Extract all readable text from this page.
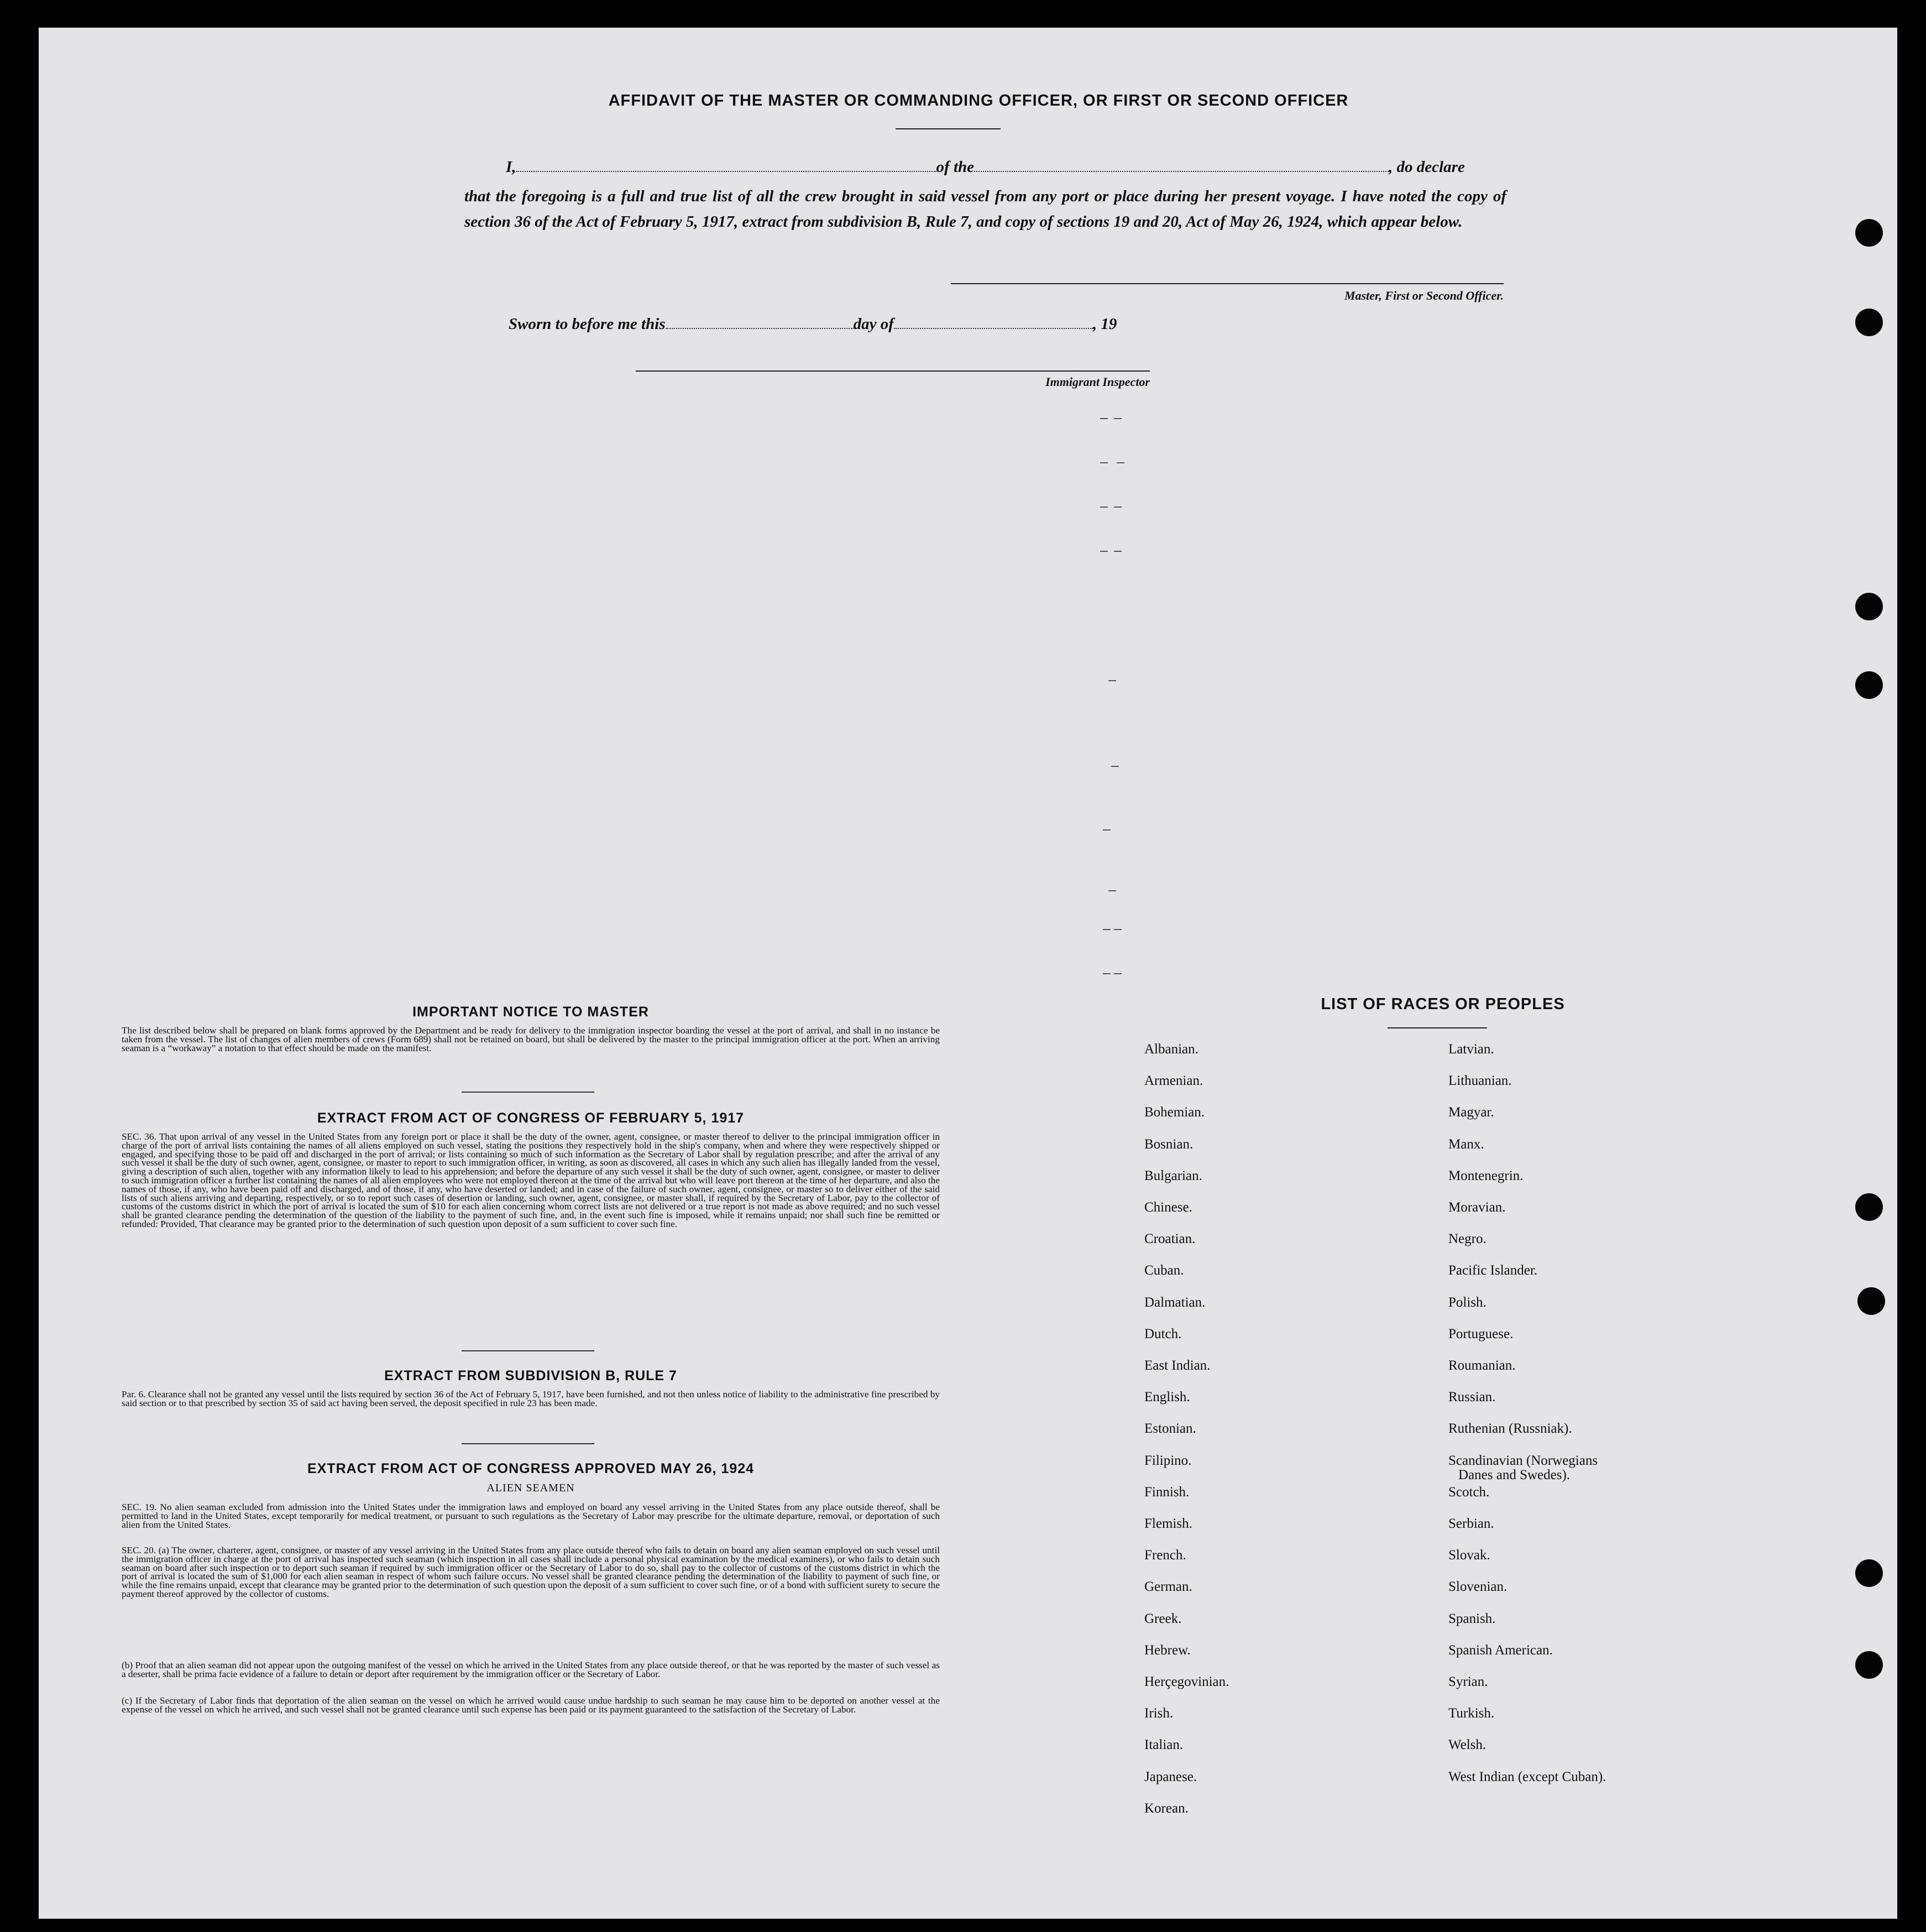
AFFIDAVIT OF THE MASTER OR COMMANDING OFFICER, OR FIRST OR SECOND OFFICER
I,	of the	, do declare

that the foregoing is a full and true list of all the crew brought in said vessel from any port or place during her present voyage. I have noted the copy of section 36 of the Act of February 5, 1917, extract from subdivision B, Rule 7, and copy of sections 19 and 20, Act of May 26, 1924, which appear below.

Master, First or Second Officer.
Sworn to before me this	day of	, 19
Immigrant Inspector
IMPORTANT NOTICE TO MASTER

The list described below shall be prepared on blank forms approved by the Department and be ready for delivery to the immigration inspector boarding the vessel at the port of arrival, and shall in no instance be taken from the vessel. The list of changes of alien members of crews (Form 689) shall not be retained on board, but shall be delivered by the master to the principal immigration officer at the port. When an arriving seaman is a “workaway” a notation to that effect should be made on the manifest.

EXTRACT FROM ACT OF CONGRESS OF FEBRUARY 5, 1917

SEC. 36. That upon arrival of any vessel in the United States from any foreign port or place it shall be the duty of the owner, agent, consignee, or master thereof to deliver to the principal immigration officer in charge of the port of arrival lists containing the names of all aliens employed on such vessel, stating the positions they respectively hold in the ship's company, when and where they were respectively shipped or engaged, and specifying those to be paid off and discharged in the port of arrival; or lists containing so much of such information as the Secretary of Labor shall by regulation prescribe; and after the arrival of any such vessel it shall be the duty of such owner, agent, consignee, or master to report to such immigration officer, in writing, as soon as discovered, all cases in which any such alien has illegally landed from the vessel, giving a description of such alien, together with any information likely to lead to his apprehension; and before the departure of any such vessel it shall be the duty of such owner, agent, consignee, or master to deliver to such immigration officer a further list containing the names of all alien employees who were not employed thereon at the time of the arrival but who will leave port thereon at the time of her departure, and also the names of those, if any, who have been paid off and discharged, and of those, if any, who have deserted or landed; and in case of the failure of such owner, agent, consignee, or master so to deliver either of the said lists of such aliens arriving and departing, respectively, or so to report such cases of desertion or landing, such owner, agent, consignee, or master shall, if required by the Secretary of Labor, pay to the collector of customs of the customs district in which the port of arrival is located the sum of $10 for each alien concerning whom correct lists are not delivered or a true report is not made as above required; and no such vessel shall be granted clearance pending the determination of the question of the liability to the payment of such fine, and, in the event such fine is imposed, while it remains unpaid; nor shall such fine be remitted or refunded: Provided, That clearance may be granted prior to the determination of such question upon deposit of a sum sufficient to cover such fine.

EXTRACT FROM SUBDIVISION B, RULE 7

Par. 6. Clearance shall not be granted any vessel until the lists required by section 36 of the Act of February 5, 1917, have been furnished, and not then unless notice of liability to the administrative fine prescribed by said section or to that prescribed by section 35 of said act having been served, the deposit specified in rule 23 has been made.

EXTRACT FROM ACT OF CONGRESS APPROVED MAY 26, 1924
ALIEN SEAMEN

SEC. 19. No alien seaman excluded from admission into the United States under the immigration laws and employed on board any vessel arriving in the United States from any place outside thereof, shall be permitted to land in the United States, except temporarily for medical treatment, or pursuant to such regulations as the Secretary of Labor may prescribe for the ultimate departure, removal, or deportation of such alien from the United States.

SEC. 20. (a) The owner, charterer, agent, consignee, or master of any vessel arriving in the United States from any place outside thereof who fails to detain on board any alien seaman employed on such vessel until the immigration officer in charge at the port of arrival has inspected such seaman (which inspection in all cases shall include a personal physical examination by the medical examiners), or who fails to detain such seaman on board after such inspection or to deport such seaman if required by such immigration officer or the Secretary of Labor to do so, shall pay to the collector of customs of the customs district in which the port of arrival is located the sum of $1,000 for each alien seaman in respect of whom such failure occurs. No vessel shall be granted clearance pending the determination of the liability to payment of such fine, or while the fine remains unpaid, except that clearance may be granted prior to the determination of such question upon the deposit of a sum sufficient to cover such fine, or of a bond with sufficient surety to secure the payment thereof approved by the collector of customs.

(b) Proof that an alien seaman did not appear upon the outgoing manifest of the vessel on which he arrived in the United States from any place outside thereof, or that he was reported by the master of such vessel as a deserter, shall be prima facie evidence of a failure to detain or deport after requirement by the immigration officer or the Secretary of Labor.

(c) If the Secretary of Labor finds that deportation of the alien seaman on the vessel on which he arrived would cause undue hardship to such seaman he may cause him to be deported on another vessel at the expense of the vessel on which he arrived, and such vessel shall not be granted clearance until such expense has been paid or its payment guaranteed to the satisfaction of the Secretary of Labor.

LIST OF RACES OR PEOPLES
Albanian.
Armenian.
Bohemian.
Bosnian.
Bulgarian.
Chinese.
Croatian.
Cuban.
Dalmatian.
Dutch.
East Indian.
English.
Estonian.
Filipino.
Finnish.
Flemish.
French.
German.
Greek.
Hebrew.
Herçegovinian.
Irish.
Italian.
Japanese.
Korean.
Latvian.
Lithuanian.
Magyar.
Manx.
Montenegrin.
Moravian.
Negro.
Pacific Islander.
Polish.
Portuguese.
Roumanian.
Russian.
Ruthenian (Russniak).
Scandinavian (Norwegians
Danes and Swedes).
Scotch.
Serbian.
Slovak.
Slovenian.
Spanish.
Spanish American.
Syrian.
Turkish.
Welsh.
West Indian (except Cuban).
